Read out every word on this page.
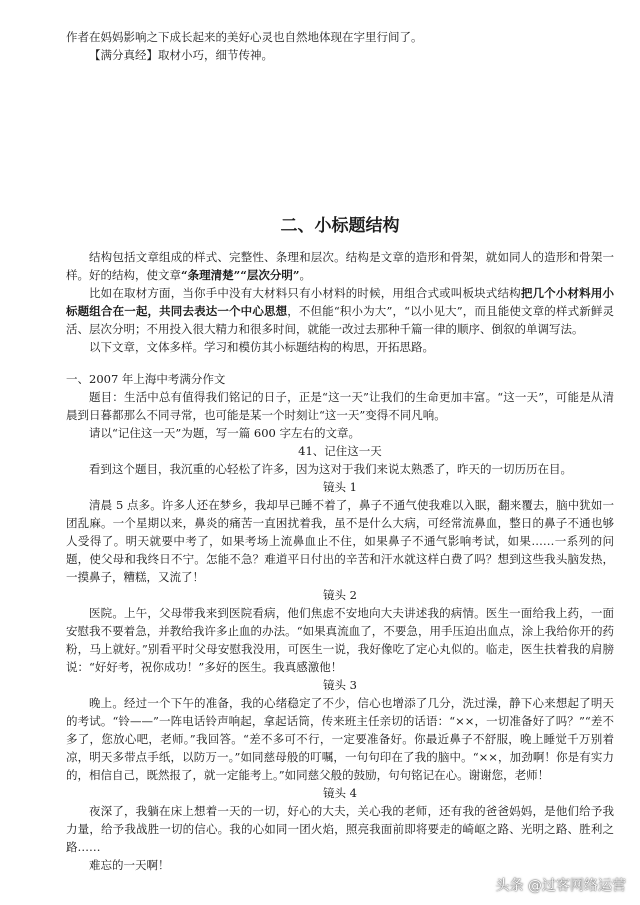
作者在妈妈影响之下成长起来的美好心灵也自然地体现在字里行间了。

【满分真经】取材小巧，细节传神。

二、小标题结构

结构包括文章组成的样式、完整性、条理和层次。结构是文章的造形和骨架，就如同人的造形和骨架一样。好的结构，使文章“条理清楚”“层次分明”。

比如在取材方面，当你手中没有大材料只有小材料的时候，用组合式或叫板块式结构把几个小材料用小标题组合在一起，共同去表达一个中心思想，不但能“积小为大”，“以小见大”，而且能使文章的样式新鲜灵活、层次分明；不用投入很大精力和很多时间，就能一改过去那种千篇一律的顺序、倒叙的单调写法。

以下文章，文体多样。学习和模仿其小标题结构的构思，开拓思路。

一、2007 年上海中考满分作文

题目：生活中总有值得我们铭记的日子，正是“这一天”让我们的生命更加丰富。“这一天”，可能是从清晨到日暮都那么不同寻常，也可能是某一个时刻让“这一天”变得不同凡响。

请以“记住这一天”为题，写一篇 600 字左右的文章。

41、记住这一天

看到这个题目，我沉重的心轻松了许多，因为这对于我们来说太熟悉了，昨天的一切历历在目。

镜头 1

清晨 5 点多。许多人还在梦乡，我却早已睡不着了，鼻子不通气使我难以入眠，翻来覆去，脑中犹如一团乱麻。一个星期以来，鼻炎的痛苦一直困扰着我，虽不是什么大病，可经常流鼻血，整日的鼻子不通也够人受得了。明天就要中考了，如果考场上流鼻血止不住，如果鼻子不通气影响考试，如果……一系列的问题，使父母和我终日不宁。怎能不急？难道平日付出的辛苦和汗水就这样白费了吗？想到这些我头脑发热，一摸鼻子，糟糕，又流了！

镜头 2

医院。上午，父母带我来到医院看病，他们焦虑不安地向大夫讲述我的病情。医生一面给我上药，一面安慰我不要着急，并教给我许多止血的办法。“如果真流血了，不要急，用手压迫出血点，涂上我给你开的药粉，马上就好。”别看平时父母安慰我没用，可医生一说，我好像吃了定心丸似的。临走，医生扶着我的肩膀说：“好好考，祝你成功！”多好的医生。我真感激他！

镜头 3

晚上。经过一个下午的准备，我的心绪稳定了不少，信心也增添了几分，洗过澡，静下心来想起了明天的考试。“铃——”一阵电话铃声响起，拿起话筒，传来班主任亲切的话语：“××，一切准备好了吗？”“差不多了，您放心吧，老师。”我回答。“差不多可不行，一定要准备好。你最近鼻子不舒服，晚上睡觉千万别着凉，明天多带点手纸，以防万一。”如同慈母般的叮嘱，一句句印在了我的脑中。“××，加劲啊！你是有实力的，相信自己，既然报了，就一定能考上。”如同慈父般的鼓励，句句铭记在心。谢谢您，老师！

镜头 4

夜深了，我躺在床上想着一天的一切，好心的大夫，关心我的老师，还有我的爸爸妈妈，是他们给予我力量，给予我战胜一切的信心。我的心如同一团火焰，照亮我面前即将要走的崎岖之路、光明之路、胜利之路……

难忘的一天啊！

头条 @过客网络运营
